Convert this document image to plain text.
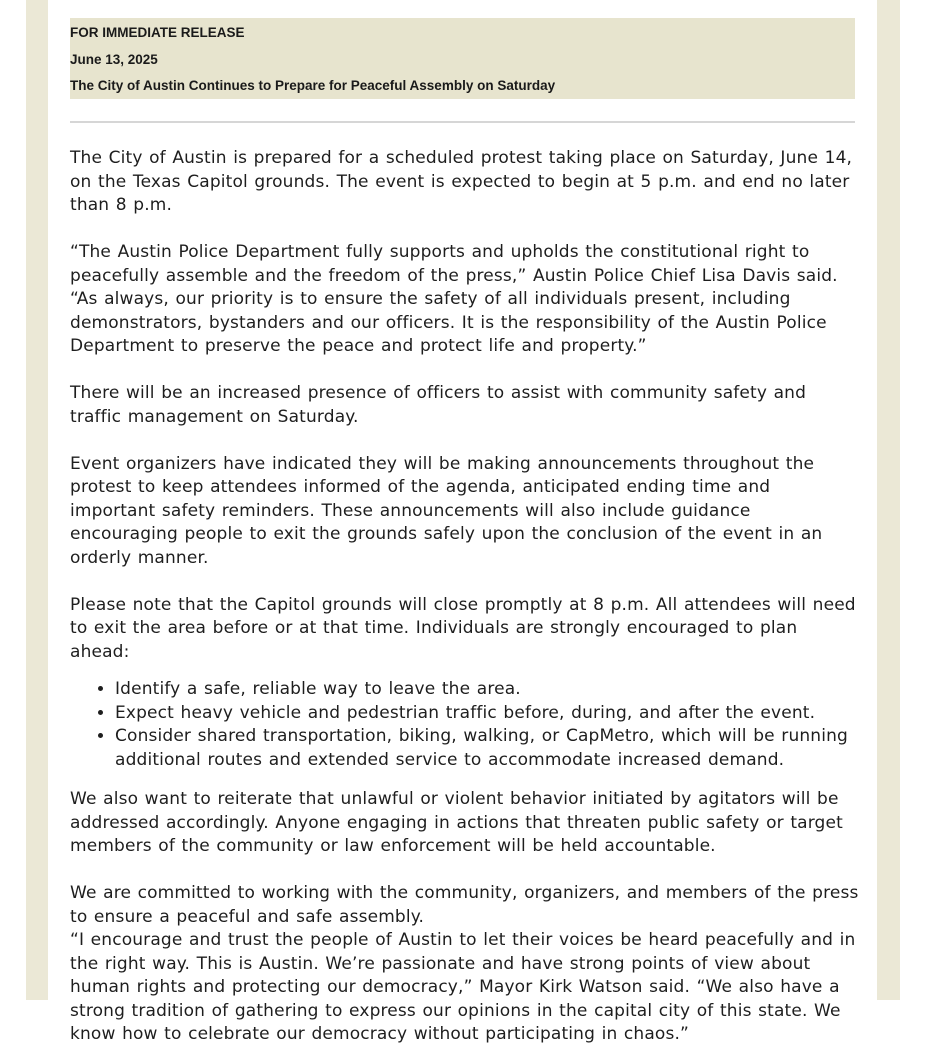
FOR IMMEDIATE RELEASE
June 13, 2025
The City of Austin Continues to Prepare for Peaceful Assembly on Saturday

The City of Austin is prepared for a scheduled protest taking place on Saturday, June 14, on the Texas Capitol grounds. The event is expected to begin at 5 p.m. and end no later than 8 p.m.

“The Austin Police Department fully supports and upholds the constitutional right to peacefully assemble and the freedom of the press,” Austin Police Chief Lisa Davis said. “As always, our priority is to ensure the safety of all individuals present, including demonstrators, bystanders and our officers. It is the responsibility of the Austin Police Department to preserve the peace and protect life and property.”

There will be an increased presence of officers to assist with community safety and traffic management on Saturday.

Event organizers have indicated they will be making announcements throughout the protest to keep attendees informed of the agenda, anticipated ending time and important safety reminders. These announcements will also include guidance encouraging people to exit the grounds safely upon the conclusion of the event in an orderly manner.

Please note that the Capitol grounds will close promptly at 8 p.m. All attendees will need to exit the area before or at that time. Individuals are strongly encouraged to plan ahead:

• Identify a safe, reliable way to leave the area.
• Expect heavy vehicle and pedestrian traffic before, during, and after the event.
• Consider shared transportation, biking, walking, or CapMetro, which will be running additional routes and extended service to accommodate increased demand.

We also want to reiterate that unlawful or violent behavior initiated by agitators will be addressed accordingly. Anyone engaging in actions that threaten public safety or target members of the community or law enforcement will be held accountable.

We are committed to working with the community, organizers, and members of the press to ensure a peaceful and safe assembly.

“I encourage and trust the people of Austin to let their voices be heard peacefully and in the right way. This is Austin. We’re passionate and have strong points of view about human rights and protecting our democracy,” Mayor Kirk Watson said. “We also have a strong tradition of gathering to express our opinions in the capital city of this state. We know how to celebrate our democracy without participating in chaos.”
